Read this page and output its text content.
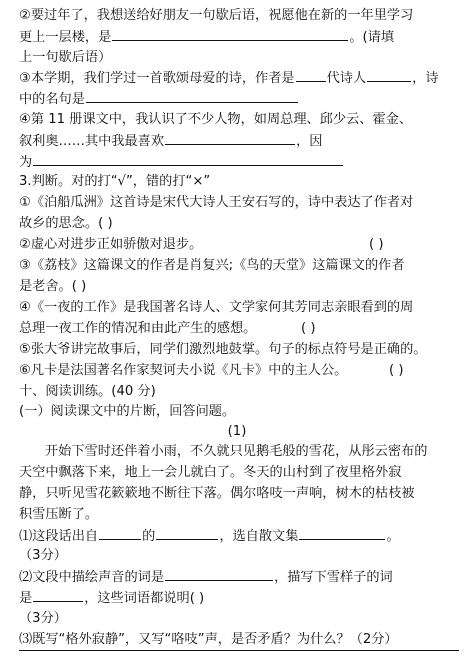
②要过年了，我想送给好朋友一句歇后语，祝愿他在新的一年里学习
更上一层楼，是	。(请填
上一句歇后语）
③本学期，我们学过一首歌颂母爱的诗，作者是 代诗人	，诗
中的名句是
④第 11 册课文中，我认识了不少人物，如周总理、邱少云、霍金、
叙利奥……其中我最喜欢	，因
为
3.判断。对的打“√”，错的打“×”
①《泊船瓜洲》这首诗是宋代大诗人王安石写的，诗中表达了作者对
故乡的思念。( )
②虚心对进步正如骄傲对退步。	( )
③《荔枝》这篇课文的作者是肖复兴;《鸟的天堂》这篇课文的作者
是老舍。( )
④《一夜的工作》是我国著名诗人、文学家何其芳同志亲眼看到的周
总理一夜工作的情况和由此产生的感想。	( )
⑤张大爷讲完故事后，同学们激烈地鼓掌。句子的标点符号是正确的。
⑥凡卡是法国著名作家契诃夫小说《凡卡》中的主人公。	( )
十、阅读训练。(40 分)
(一）阅读课文中的片断，回答问题。
(1)
开始下雪时还伴着小雨，不久就只见鹅毛般的雪花，从彤云密布的
天空中飘落下来，地上一会儿就白了。冬天的山村到了夜里格外寂
静，只听见雪花簌簌地不断往下落。偶尔咯吱一声响，树木的枯枝被
积雪压断了。
⑴这段话出自	的	，选自散文集	。
（3分）
⑵文段中描绘声音的词是	，描写下雪样子的词
是	，这些词语都说明( )
（3分）
⑶既写“格外寂静”，又写“咯吱”声，是否矛盾？为什么？（2分）
